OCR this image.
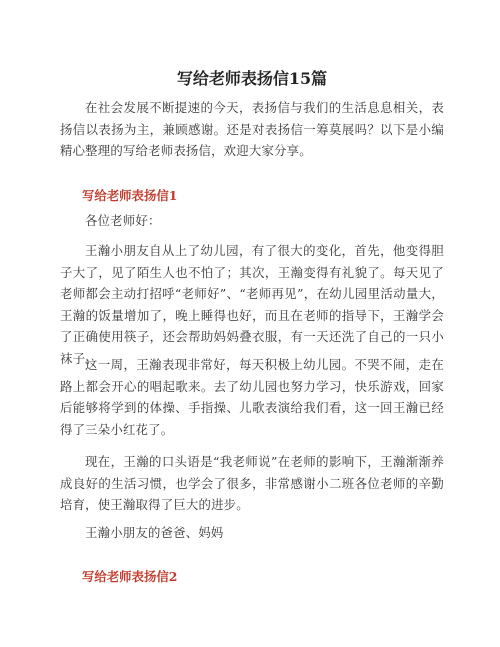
写给老师表扬信15篇

在社会发展不断提速的今天，表扬信与我们的生活息息相关，表扬信以表扬为主，兼顾感谢。还是对表扬信一筹莫展吗？以下是小编精心整理的写给老师表扬信，欢迎大家分享。

写给老师表扬信1

各位老师好：

王瀚小朋友自从上了幼儿园，有了很大的变化，首先，他变得胆子大了，见了陌生人也不怕了；其次，王瀚变得有礼貌了。每天见了老师都会主动打招呼“老师好”、“老师再见”，在幼儿园里活动量大，王瀚的饭量增加了，晚上睡得也好，而且在老师的指导下，王瀚学会了正确使用筷子，还会帮助妈妈叠衣服，有一天还洗了自己的一只小袜子。

这一周，王瀚表现非常好，每天积极上幼儿园。不哭不闹，走在路上都会开心的唱起歌来。去了幼儿园也努力学习，快乐游戏，回家后能够将学到的体操、手指操、儿歌表演给我们看，这一回王瀚已经得了三朵小红花了。

现在，王瀚的口头语是“我老师说”在老师的影响下，王瀚渐渐养成良好的生活习惯，也学会了很多，非常感谢小二班各位老师的辛勤培育，使王瀚取得了巨大的进步。

王瀚小朋友的爸爸、妈妈

写给老师表扬信2
